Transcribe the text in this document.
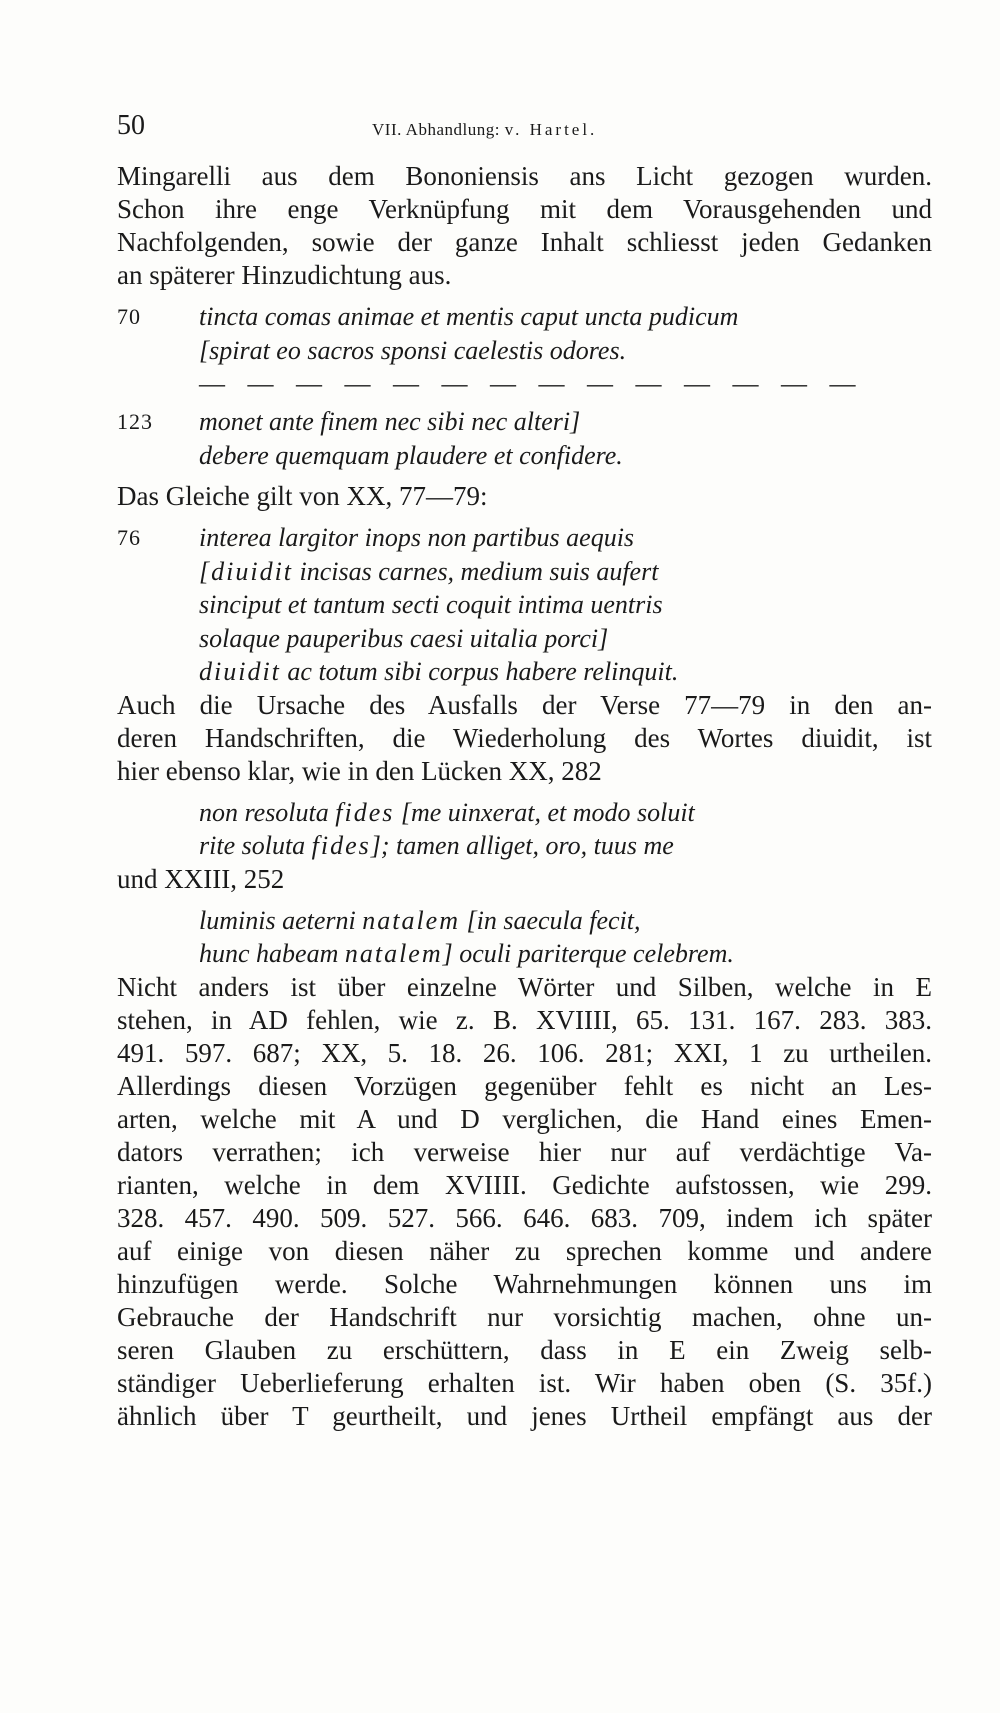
50	VII. Abhandlung: v. Hartel.
Mingarelli aus dem Bononiensis ans Licht gezogen wurden.
Schon ihre enge Verknüpfung mit dem Vorausgehenden und
Nachfolgenden, sowie der ganze Inhalt schliesst jeden Gedanken
an späterer Hinzudichtung aus.
70 tincta comas animae et mentis caput uncta pudicum
[spirat eo sacros sponsi caelestis odores.
— — — — — — — — — — — — — —
123 monet ante finem nec sibi nec alteri]
debere quemquam plaudere et confidere.
Das Gleiche gilt von XX, 77—79:
76 interea largitor inops non partibus aequis
[diuidit incisas carnes, medium suis aufert
sinciput et tantum secti coquit intima uentris
solaque pauperibus caesi uitalia porci]
diuidit ac totum sibi corpus habere relinquit.
Auch die Ursache des Ausfalls der Verse 77—79 in den an-
deren Handschriften, die Wiederholung des Wortes diuidit, ist
hier ebenso klar, wie in den Lücken XX, 282
non resoluta fides [me uinxerat, et modo soluit
rite soluta fides]; tamen alliget, oro, tuus me
und XXIII, 252
luminis aeterni natalem [in saecula fecit,
hunc habeam natalem] oculi pariterque celebrem.
Nicht anders ist über einzelne Wörter und Silben, welche in E
stehen, in AD fehlen, wie z. B. XVIIII, 65. 131. 167. 283. 383.
491. 597. 687; XX, 5. 18. 26. 106. 281; XXI, 1 zu urtheilen.
Allerdings diesen Vorzügen gegenüber fehlt es nicht an Les-
arten, welche mit A und D verglichen, die Hand eines Emen-
dators verrathen; ich verweise hier nur auf verdächtige Va-
rianten, welche in dem XVIIII. Gedichte aufstossen, wie 299.
328. 457. 490. 509. 527. 566. 646. 683. 709, indem ich später
auf einige von diesen näher zu sprechen komme und andere
hinzufügen werde. Solche Wahrnehmungen können uns im
Gebrauche der Handschrift nur vorsichtig machen, ohne un-
seren Glauben zu erschüttern, dass in E ein Zweig selb-
ständiger Ueberlieferung erhalten ist. Wir haben oben (S. 35f.)
ähnlich über T geurtheilt, und jenes Urtheil empfängt aus der
